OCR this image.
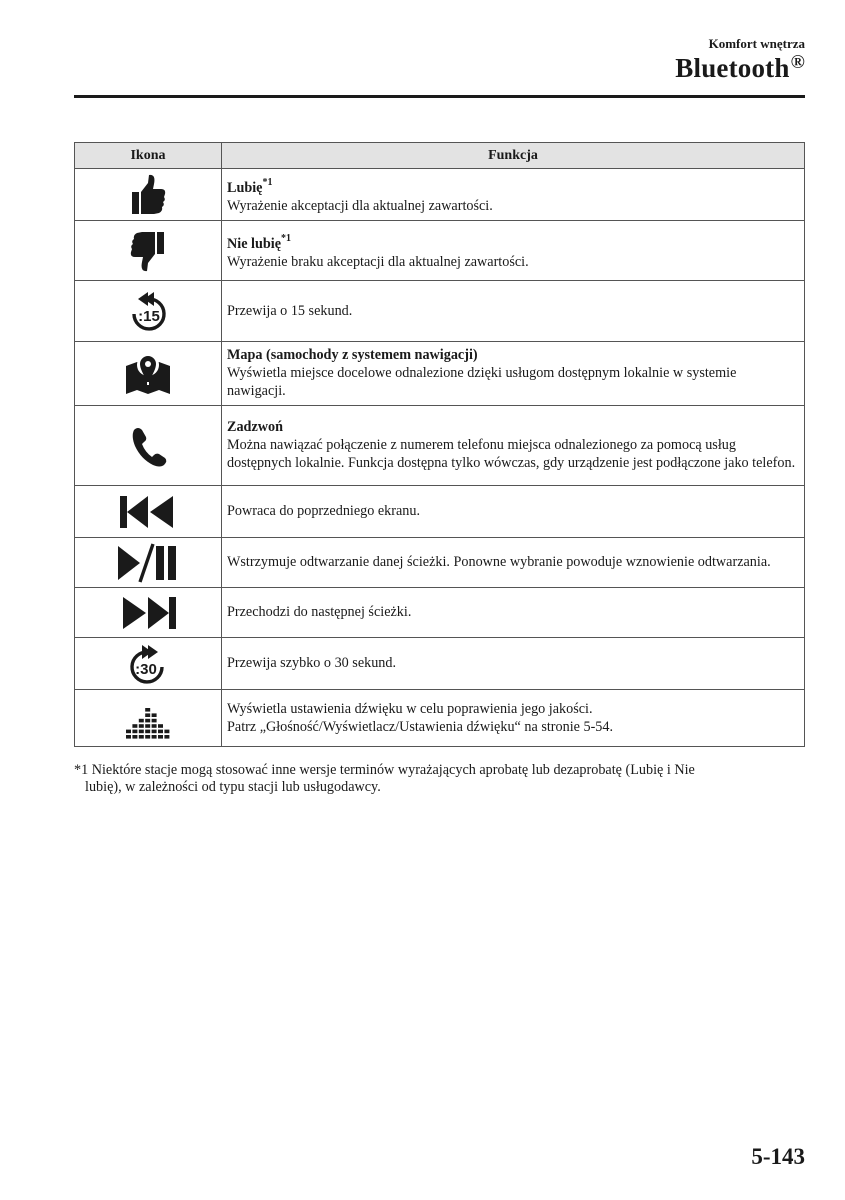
Komfort wnętrza
Bluetooth®
Ikona	Funkcja

Lubię$^{*1}$
Wyrażenie akceptacji dla aktualnej zawartości.

Nie lubię$^{*1}$
Wyrażenie braku akceptacji dla aktualnej zawartości.

:15	Przewija o 15 sekund.

Mapa (samochody z systemem nawigacji)
Wyświetla miejsce docelowe odnalezione dzięki usługom dostępnym lokalnie w systemie nawigacji.

Zadzwoń
Można nawiązać połączenie z numerem telefonu miejsca odnalezionego za pomocą usług dostępnych lokalnie. Funkcja dostępna tylko wówczas, gdy urządzenie jest podłączone jako telefon.

Powraca do poprzedniego ekranu.

Wstrzymuje odtwarzanie danej ścieżki. Ponowne wybranie powoduje wznowienie odtwarzania.

Przechodzi do następnej ścieżki.

:30	Przewija szybko o 30 sekund.

Wyświetla ustawienia dźwięku w celu poprawienia jego jakości.
Patrz „Głośność/Wyświetlacz/Ustawienia dźwięku“ na stronie 5-54.
*1 Niektóre stacje mogą stosować inne wersje terminów wyrażających aprobatę lub dezaprobatę (Lubię i Nie
lubię), w zależności od typu stacji lub usługodawcy.
5-143
